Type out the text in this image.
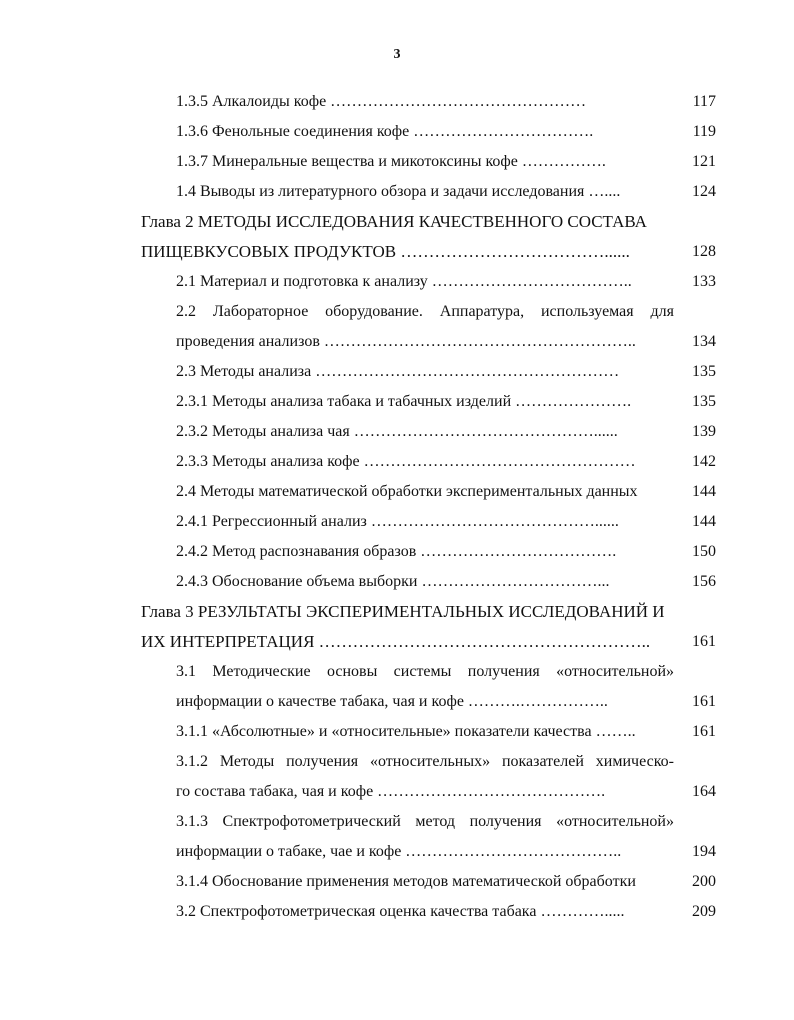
3
1.3.5 Алкалоиды кофе …………………………………………	117
1.3.6 Фенольные соединения кофе …………………………….	119
1.3.7 Минеральные вещества и микотоксины кофе …………….	121
1.4 Выводы из литературного обзора и задачи исследования …....	124
Глава 2 МЕТОДЫ ИССЛЕДОВАНИЯ КАЧЕСТВЕННОГО СОСТАВА
ПИЩЕВКУСОВЫХ ПРОДУКТОВ ………………………………......	128
2.1 Материал и подготовка к анализу ………………………………..	133
2.2 Лабораторное оборудование. Аппаратура, используемая для
проведения анализов …………………………………………………..	134
2.3 Методы анализа …………………………………………………	135
2.3.1 Методы анализа табака и табачных изделий ………………….	135
2.3.2 Методы анализа чая ………………………………………......	139
2.3.3 Методы анализа кофе ……………………………………………	142
2.4 Методы математической обработки экспериментальных данных	144
2.4.1 Регрессионный анализ ……………………………………......	144
2.4.2 Метод распознавания образов ……………………………….	150
2.4.3 Обоснование объема выборки ……………………………...	156
Глава 3 РЕЗУЛЬТАТЫ ЭКСПЕРИМЕНТАЛЬНЫХ ИССЛЕДОВАНИЙ И
ИХ ИНТЕРПРЕТАЦИЯ …………………………………………………..	161
3.1 Методические основы системы получения «относительной»
информации о качестве табака, чая и кофе ……….……………..	161
3.1.1 «Абсолютные» и «относительные» показатели качества ……..	161
3.1.2 Методы получения «относительных» показателей химическо-
го состава табака, чая и кофе …………………………………….	164
3.1.3 Спектрофотометрический метод получения «относительной»
информации о табаке, чае и кофе …………………………………..	194
3.1.4 Обоснование применения методов математической обработки	200
3.2 Спектрофотометрическая оценка качества табака ………….....	209
